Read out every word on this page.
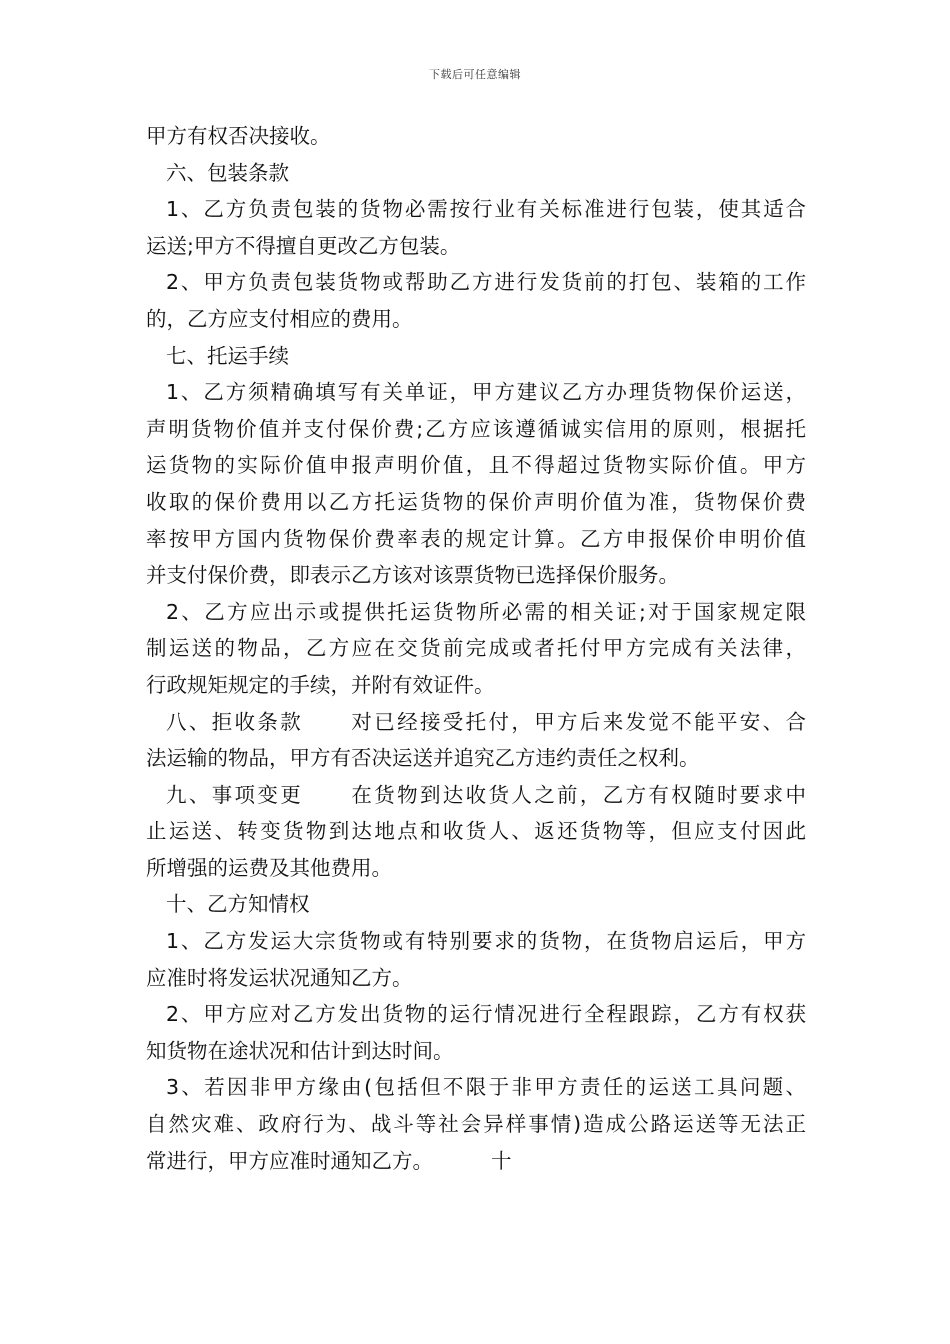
下载后可任意编辑
甲方有权否决接收。
六、包装条款
1、乙方负责包装的货物必需按行业有关标准进行包装，使其适合
运送;甲方不得擅自更改乙方包装。
2、甲方负责包装货物或帮助乙方进行发货前的打包、装箱的工作
的，乙方应支付相应的费用。
七、托运手续
1、乙方须精确填写有关单证，甲方建议乙方办理货物保价运送，
声明货物价值并支付保价费;乙方应该遵循诚实信用的原则，根据托
运货物的实际价值申报声明价值，且不得超过货物实际价值。甲方
收取的保价费用以乙方托运货物的保价声明价值为准，货物保价费
率按甲方国内货物保价费率表的规定计算。乙方申报保价申明价值
并支付保价费，即表示乙方该对该票货物已选择保价服务。
2、乙方应出示或提供托运货物所必需的相关证;对于国家规定限
制运送的物品，乙方应在交货前完成或者托付甲方完成有关法律，
行政规矩规定的手续，并附有效证件。
八、拒收条款 对已经接受托付，甲方后来发觉不能平安、合
法运输的物品，甲方有否决运送并追究乙方违约责任之权利。
九、事项变更 在货物到达收货人之前，乙方有权随时要求中
止运送、转变货物到达地点和收货人、返还货物等，但应支付因此
所增强的运费及其他费用。
十、乙方知情权
1、乙方发运大宗货物或有特别要求的货物，在货物启运后，甲方
应准时将发运状况通知乙方。
2、甲方应对乙方发出货物的运行情况进行全程跟踪，乙方有权获
知货物在途状况和估计到达时间。
3、若因非甲方缘由(包括但不限于非甲方责任的运送工具问题、
自然灾难、政府行为、战斗等社会异样事情)造成公路运送等无法正
常进行，甲方应准时通知乙方。	十
